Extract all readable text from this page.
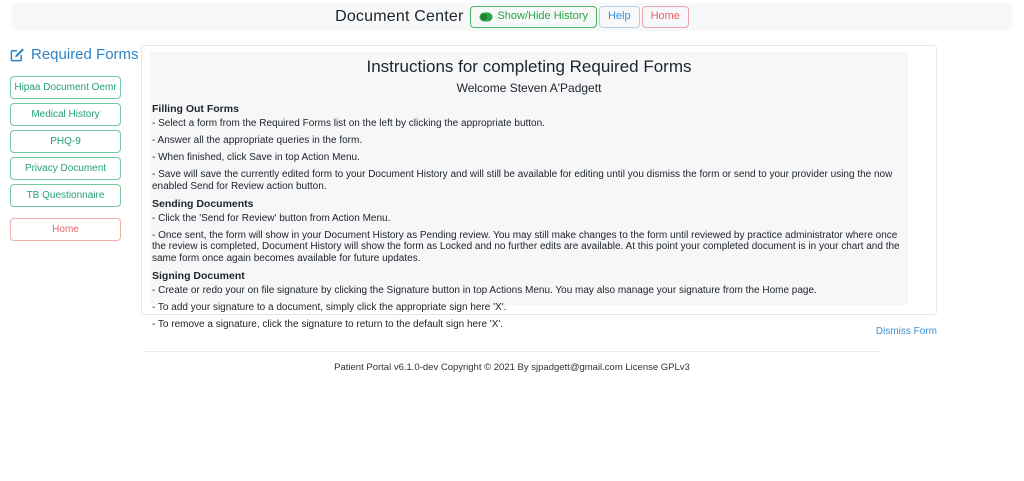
Document Center	Show/Hide History Help Home
Required Forms
Hipaa Document Oemr
Medical History
PHQ-9
Privacy Document
TB Questionnaire
Home
Instructions for completing Required Forms
Welcome Steven A'Padgett
Filling Out Forms
- Select a form from the Required Forms list on the left by clicking the appropriate button.
- Answer all the appropriate queries in the form.
- When finished, click Save in top Action Menu.
- Save will save the currently edited form to your Document History and will still be available for editing until you dismiss the form or send to your provider using the now enabled Send for Review action button.
Sending Documents
- Click the 'Send for Review' button from Action Menu.
- Once sent, the form will show in your Document History as Pending review. You may still make changes to the form until reviewed by practice administrator where once the review is completed, Document History will show the form as Locked and no further edits are available. At this point your completed document is in your chart and the same form once again becomes available for future updates.
Signing Document
- Create or redo your on file signature by clicking the Signature button in top Actions Menu. You may also manage your signature from the Home page.
- To add your signature to a document, simply click the appropriate sign here 'X'.
- To remove a signature, click the signature to return to the default sign here 'X'.
Dismiss Form
Patient Portal v6.1.0-dev Copyright © 2021 By sjpadgett@gmail.com License GPLv3
